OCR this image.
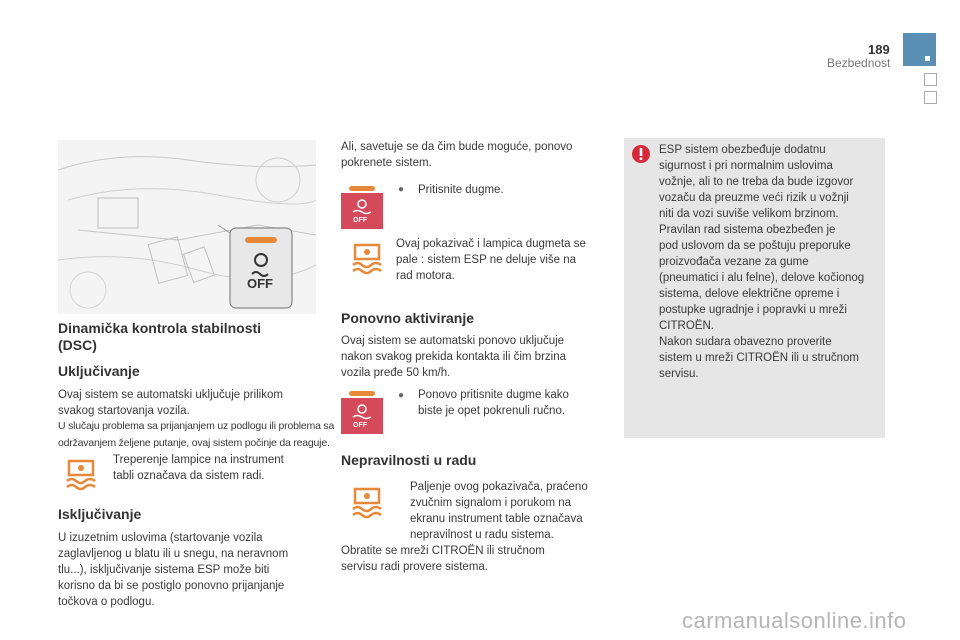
189
Bezbednost
OFF
Dinamička kontrola stabilnosti
(DSC)
Uključivanje
Ovaj sistem se automatski uključuje prilikom
svakog startovanja vozila.
U slučaju problema sa prijanjanjem uz podlogu ili problema sa
održavanjem željene putanje, ovaj sistem počinje da reaguje.
Treperenje lampice na instrument
tabli označava da sistem radi.
Isključivanje
U izuzetnim uslovima (startovanje vozila
zaglavljenog u blatu ili u snegu, na neravnom
tlu...), isključivanje sistema ESP može biti
korisno da bi se postiglo ponovno prijanjanje
točkova o podlogu.
Ali, savetuje se da čim bude moguće, ponovo
pokrenete sistem.
OFF
● Pritisnite dugme.
Ovaj pokazivač i lampica dugmeta se
pale : sistem ESP ne deluje više na
rad motora.
Ponovno aktiviranje
Ovaj sistem se automatski ponovo uključuje
nakon svakog prekida kontakta ili čim brzina
vozila pređe 50 km/h.
OFF
● Ponovo pritisnite dugme kako
biste je opet pokrenuli ručno.
Nepravilnosti u radu
Paljenje ovog pokazivača, praćeno
zvučnim signalom i porukom na
ekranu instrument table označava
nepravilnost u radu sistema.
Obratite se mreži CITROËN ili stručnom
servisu radi provere sistema.
ESP sistem obezbeđuje dodatnu
sigurnost i pri normalnim uslovima
vožnje, ali to ne treba da bude izgovor
vozaču da preuzme veći rizik u vožnji
niti da vozi suviše velikom brzinom.
Pravilan rad sistema obezbeđen je
pod uslovom da se poštuju preporuke
proizvođača vezane za gume
(pneumatici i alu felne), delove kočionog
sistema, delove električne opreme i
postupke ugradnje i popravki u mreži
CITROËN.
Nakon sudara obavezno proverite
sistem u mreži CITROËN ili u stručnom
servisu.
carmanualsonline.info
